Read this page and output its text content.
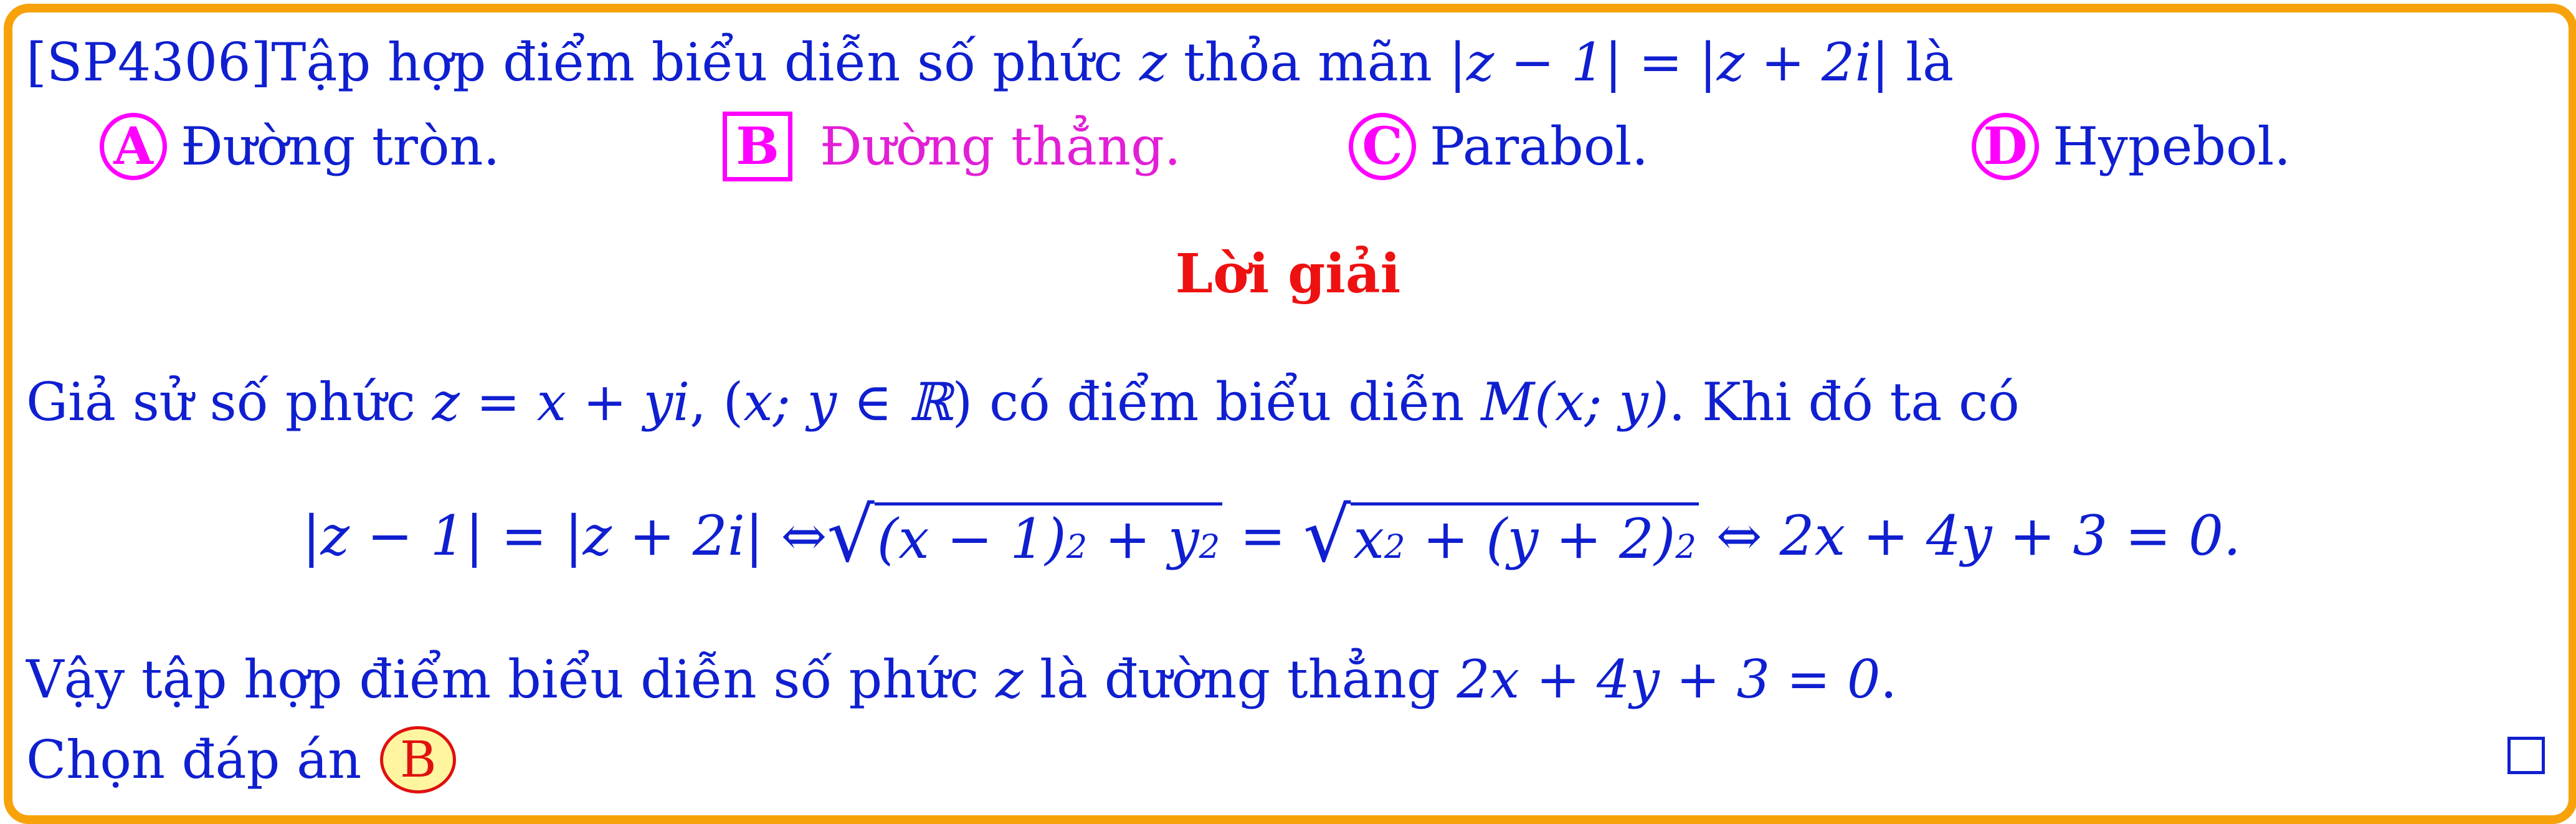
[SP4306]Tập hợp điểm biểu diễn số phức z thỏa mãn |z − 1| = |z + 2i| là
A Đường tròn.	B Đường thẳng.	C Parabol.	D Hypebol.
Lời giải
Giả sử số phức z = x + yi, (x; y ∈ ℝ) có điểm biểu diễn M(x; y). Khi đó ta có
|z − 1| = |z + 2i| ⇔ √ $(x - 1)^2 + y^2$ = √ $x^2 + (y + 2)^2$ ⇔ 2x + 4y + 3 = 0.
Vậy tập hợp điểm biểu diễn số phức z là đường thẳng 2x + 4y + 3 = 0.
Chọn đáp án B
